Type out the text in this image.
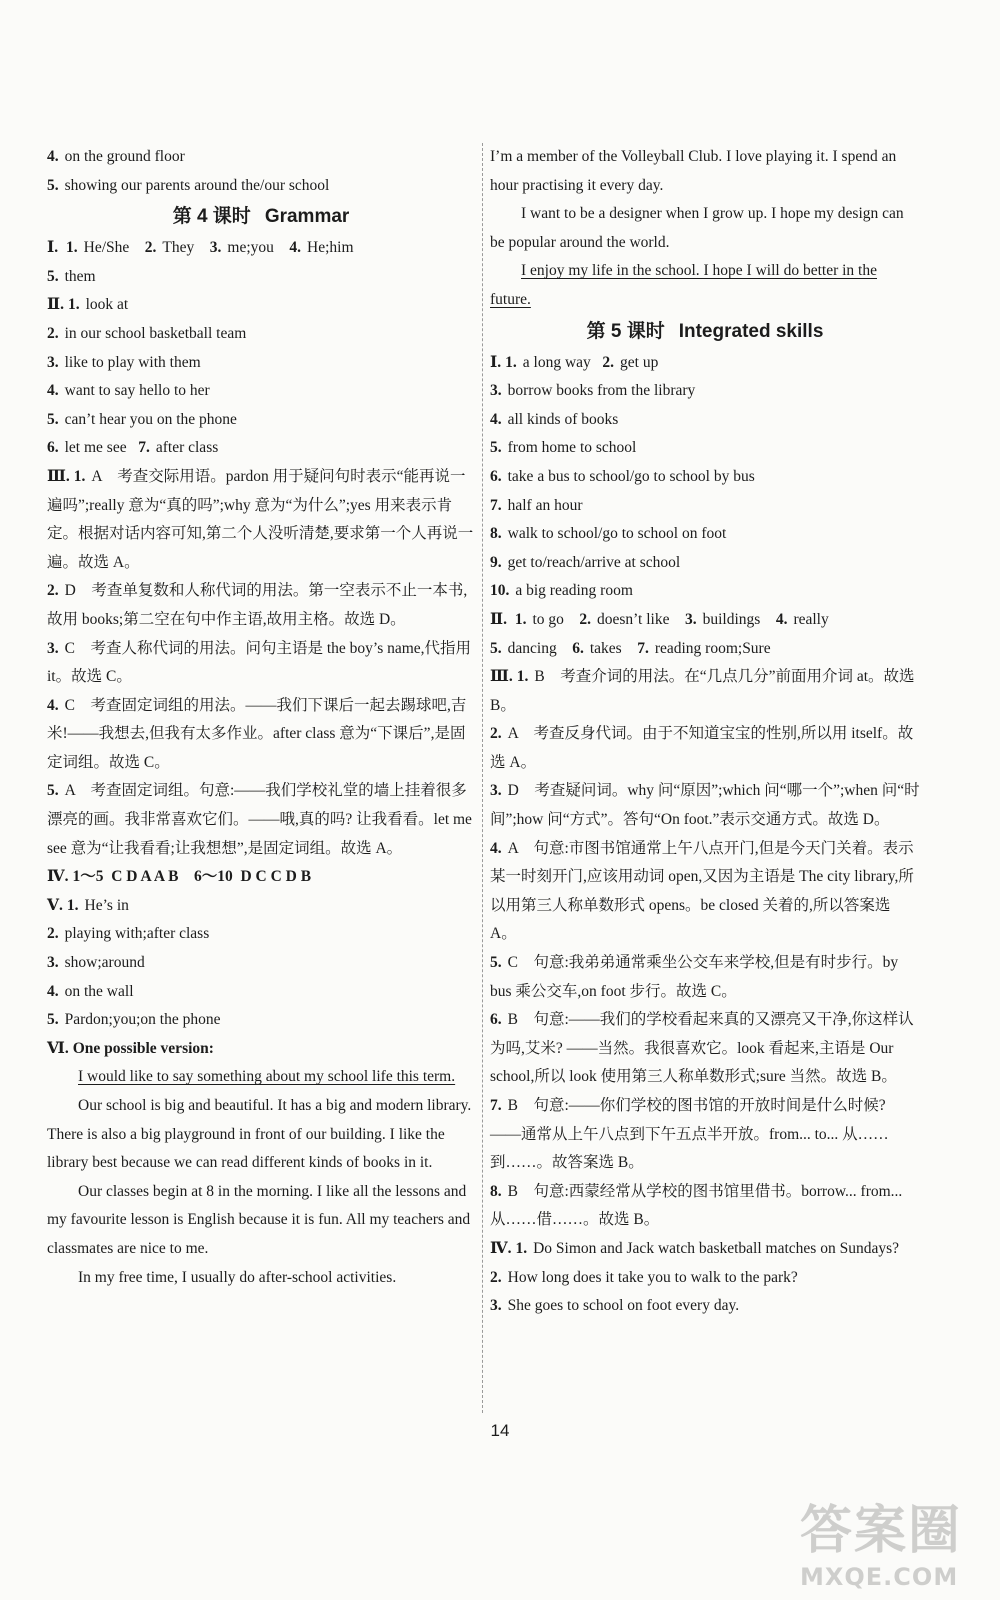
4. on the ground floor
5. showing our parents around the/our school
第 4 课时 Grammar
Ⅰ. 1. He/She 2. They 3. me;you 4. He;him
5. them
Ⅱ. 1. look at
2. in our school basketball team
3. like to play with them
4. want to say hello to her
5. can’t hear you on the phone
6. let me see 7. after class
Ⅲ. 1. A　考查交际用语。pardon 用于疑问句时表示“能再说一遍吗”;really 意为“真的吗”;why 意为“为什么”;yes 用来表示肯定。根据对话内容可知,第二个人没听清楚,要求第一个人再说一遍。故选 A。
2. D　考查单复数和人称代词的用法。第一空表示不止一本书,故用 books;第二空在句中作主语,故用主格。故选 D。
3. C　考查人称代词的用法。问句主语是 the boy’s name,代指用 it。故选 C。
4. C　考查固定词组的用法。——我们下课后一起去踢球吧,吉米!——我想去,但我有太多作业。after class 意为“下课后”,是固定词组。故选 C。
5. A　考查固定词组。句意:——我们学校礼堂的墙上挂着很多漂亮的画。我非常喜欢它们。——哦,真的吗? 让我看看。let me see 意为“让我看看;让我想想”,是固定词组。故选 A。
Ⅳ. 1～5 C D A A B 6～10 D C C D B
Ⅴ. 1. He’s in
2. playing with;after class
3. show;around
4. on the wall
5. Pardon;you;on the phone
Ⅵ. One possible version:
I would like to say something about my school life this term.
Our school is big and beautiful. It has a big and modern library. There is also a big playground in front of our building. I like the library best because we can read different kinds of books in it.
Our classes begin at 8 in the morning. I like all the lessons and my favourite lesson is English because it is fun. All my teachers and classmates are nice to me.
In my free time, I usually do after-school activities.
I’m a member of the Volleyball Club. I love playing it. I spend an hour practising it every day.
I want to be a designer when I grow up. I hope my design can be popular around the world.
I enjoy my life in the school. I hope I will do better in the future.
第 5 课时 Integrated skills
Ⅰ. 1. a long way 2. get up
3. borrow books from the library
4. all kinds of books
5. from home to school
6. take a bus to school/go to school by bus
7. half an hour
8. walk to school/go to school on foot
9. get to/reach/arrive at school
10. a big reading room
Ⅱ. 1. to go 2. doesn’t like 3. buildings 4. really
5. dancing 6. takes 7. reading room;Sure
Ⅲ. 1. B　考查介词的用法。在“几点几分”前面用介词 at。故选 B。
2. A　考查反身代词。由于不知道宝宝的性别,所以用 itself。故选 A。
3. D　考查疑问词。why 问“原因”;which 问“哪一个”;when 问“时间”;how 问“方式”。答句“On foot.”表示交通方式。故选 D。
4. A　句意:市图书馆通常上午八点开门,但是今天门关着。表示某一时刻开门,应该用动词 open,又因为主语是 The city library,所以用第三人称单数形式 opens。be closed 关着的,所以答案选 A。
5. C　句意:我弟弟通常乘坐公交车来学校,但是有时步行。by bus 乘公交车,on foot 步行。故选 C。
6. B　句意:——我们的学校看起来真的又漂亮又干净,你这样认为吗,艾米? ——当然。我很喜欢它。look 看起来,主语是 Our school,所以 look 使用第三人称单数形式;sure 当然。故选 B。
7. B　句意:——你们学校的图书馆的开放时间是什么时候? ——通常从上午八点到下午五点半开放。from... to... 从……到……。故答案选 B。
8. B　句意:西蒙经常从学校的图书馆里借书。borrow... from... 从……借……。故选 B。
Ⅳ. 1. Do Simon and Jack watch basketball matches on Sundays?
2. How long does it take you to walk to the park?
3. She goes to school on foot every day.
14
答案圈
MXQE.COM
